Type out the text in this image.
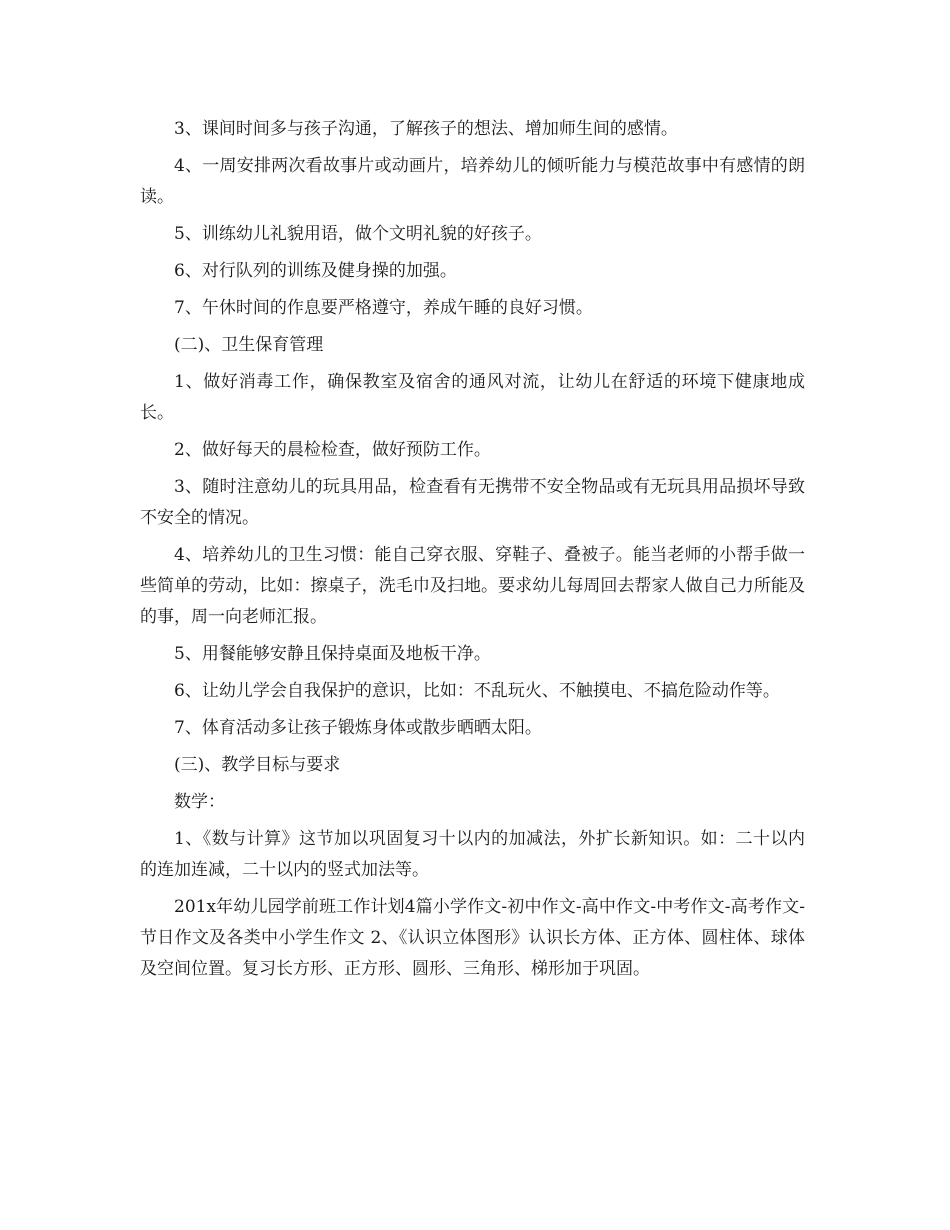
3、课间时间多与孩子沟通，了解孩子的想法、增加师生间的感情。

4、一周安排两次看故事片或动画片，培养幼儿的倾听能力与模范故事中有感情的朗读。

5、训练幼儿礼貌用语，做个文明礼貌的好孩子。

6、对行队列的训练及健身操的加强。

7、午休时间的作息要严格遵守，养成午睡的良好习惯。

(二)、卫生保育管理

1、做好消毒工作，确保教室及宿舍的通风对流，让幼儿在舒适的环境下健康地成长。

2、做好每天的晨检检查，做好预防工作。

3、随时注意幼儿的玩具用品，检查看有无携带不安全物品或有无玩具用品损坏导致不安全的情况。

4、培养幼儿的卫生习惯：能自己穿衣服、穿鞋子、叠被子。能当老师的小帮手做一些简单的劳动，比如：擦桌子，洗毛巾及扫地。要求幼儿每周回去帮家人做自己力所能及的事，周一向老师汇报。

5、用餐能够安静且保持桌面及地板干净。

6、让幼儿学会自我保护的意识，比如：不乱玩火、不触摸电、不搞危险动作等。

7、体育活动多让孩子锻炼身体或散步晒晒太阳。

(三)、教学目标与要求

数学：

1、《数与计算》这节加以巩固复习十以内的加减法，外扩长新知识。如：二十以内的连加连减，二十以内的竖式加法等。

201x年幼儿园学前班工作计划4篇小学作文-初中作文-高中作文-中考作文-高考作文-节日作文及各类中小学生作文 2、《认识立体图形》认识长方体、正方体、圆柱体、球体及空间位置。复习长方形、正方形、圆形、三角形、梯形加于巩固。
